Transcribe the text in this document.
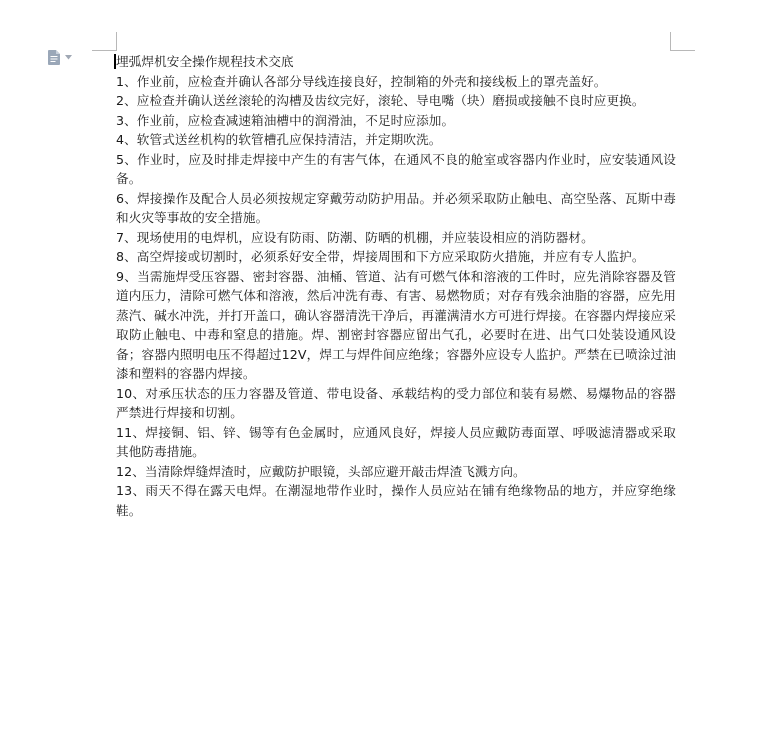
埋弧焊机安全操作规程技术交底

1、作业前，应检查并确认各部分导线连接良好，控制箱的外壳和接线板上的罩壳盖好。

2、应检查并确认送丝滚轮的沟槽及齿纹完好，滚轮、导电嘴（块）磨损或接触不良时应更换。

3、作业前，应检查减速箱油槽中的润滑油，不足时应添加。

4、软管式送丝机构的软管槽孔应保持清洁，并定期吹洗。

5、作业时，应及时排走焊接中产生的有害气体，在通风不良的舱室或容器内作业时，应安装通风设备。

6、焊接操作及配合人员必须按规定穿戴劳动防护用品。并必须采取防止触电、高空坠落、瓦斯中毒和火灾等事故的安全措施。

7、现场使用的电焊机，应设有防雨、防潮、防晒的机棚，并应装设相应的消防器材。

8、高空焊接或切割时，必须系好安全带，焊接周围和下方应采取防火措施，并应有专人监护。

9、当需施焊受压容器、密封容器、油桶、管道、沾有可燃气体和溶液的工件时，应先消除容器及管道内压力，清除可燃气体和溶液，然后冲洗有毒、有害、易燃物质；对存有残余油脂的容器，应先用蒸汽、碱水冲洗，并打开盖口，确认容器清洗干净后，再灌满清水方可进行焊接。在容器内焊接应采取防止触电、中毒和窒息的措施。焊、割密封容器应留出气孔，必要时在进、出气口处装设通风设备；容器内照明电压不得超过12V，焊工与焊件间应绝缘；容器外应设专人监护。严禁在已喷涂过油漆和塑料的容器内焊接。

10、对承压状态的压力容器及管道、带电设备、承载结构的受力部位和装有易燃、易爆物品的容器严禁进行焊接和切割。

11、焊接铜、铝、锌、锡等有色金属时，应通风良好，焊接人员应戴防毒面罩、呼吸滤清器或采取其他防毒措施。

12、当清除焊缝焊渣时，应戴防护眼镜，头部应避开敲击焊渣飞溅方向。

13、雨天不得在露天电焊。在潮湿地带作业时，操作人员应站在铺有绝缘物品的地方，并应穿绝缘鞋。
